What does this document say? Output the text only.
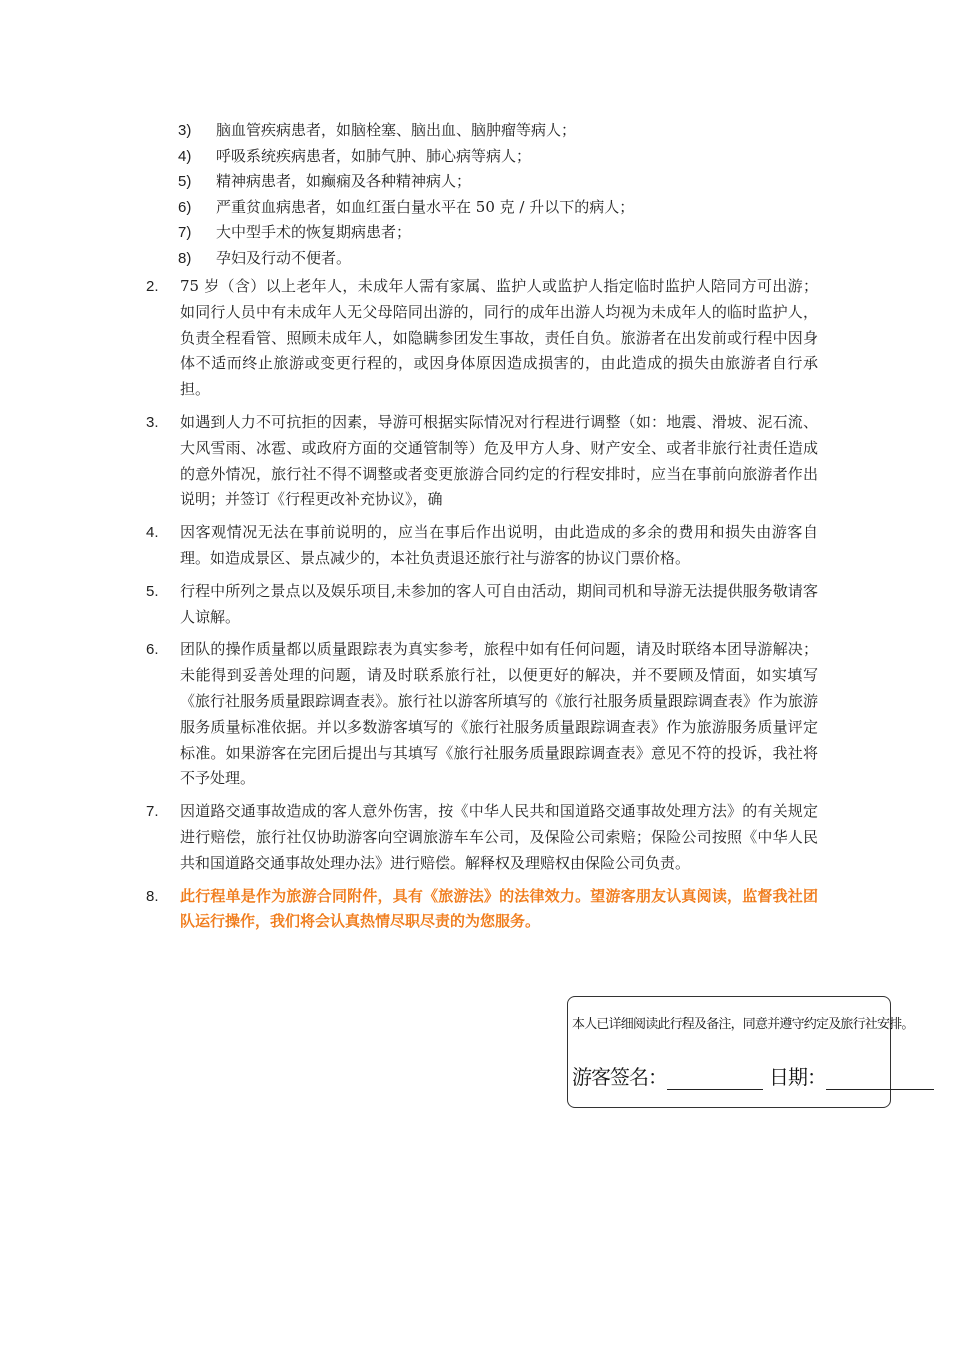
3) 脑血管疾病患者，如脑栓塞、脑出血、脑肿瘤等病人；
4) 呼吸系统疾病患者，如肺气肿、肺心病等病人；
5) 精神病患者，如癫痫及各种精神病人；
6) 严重贫血病患者，如血红蛋白量水平在 50 克 / 升以下的病人；
7) 大中型手术的恢复期病患者；
8) 孕妇及行动不便者。
2.	75 岁（含）以上老年人，未成年人需有家属、监护人或监护人指定临时监护人陪同方可出游；如同行人员中有未成年人无父母陪同出游的，同行的成年出游人均视为未成年人的临时监护人，负责全程看管、照顾未成年人，如隐瞒参团发生事故，责任自负。旅游者在出发前或行程中因身体不适而终止旅游或变更行程的，或因身体原因造成损害的，由此造成的损失由旅游者自行承担。
3.	如遇到人力不可抗拒的因素，导游可根据实际情况对行程进行调整（如：地震、滑坡、泥石流、大风雪雨、冰雹、或政府方面的交通管制等）危及甲方人身、财产安全、或者非旅行社责任造成的意外情况，旅行社不得不调整或者变更旅游合同约定的行程安排时，应当在事前向旅游者作出说明；并签订《行程更改补充协议》，确
4.	因客观情况无法在事前说明的，应当在事后作出说明，由此造成的多余的费用和损失由游客自理。如造成景区、景点减少的，本社负责退还旅行社与游客的协议门票价格。
5.	行程中所列之景点以及娱乐项目,未参加的客人可自由活动，期间司机和导游无法提供服务敬请客人谅解。
6.	团队的操作质量都以质量跟踪表为真实参考，旅程中如有任何问题，请及时联络本团导游解决；未能得到妥善处理的问题，请及时联系旅行社，以便更好的解决，并不要顾及情面，如实填写《旅行社服务质量跟踪调查表》。旅行社以游客所填写的《旅行社服务质量跟踪调查表》作为旅游服务质量标准依据。并以多数游客填写的《旅行社服务质量跟踪调查表》作为旅游服务质量评定标准。如果游客在完团后提出与其填写《旅行社服务质量跟踪调查表》意见不符的投诉，我社将不予处理。
7.	因道路交通事故造成的客人意外伤害，按《中华人民共和国道路交通事故处理方法》的有关规定进行赔偿，旅行社仅协助游客向空调旅游车车公司，及保险公司索赔；保险公司按照《中华人民共和国道路交通事故处理办法》进行赔偿。解释权及理赔权由保险公司负责。
8.	此行程单是作为旅游合同附件，具有《旅游法》的法律效力。望游客朋友认真阅读，监督我社团队运行操作，我们将会认真热情尽职尽责的为您服务。
本人已详细阅读此行程及备注，同意并遵守约定及旅行社安排。
游客签名：	日期：
